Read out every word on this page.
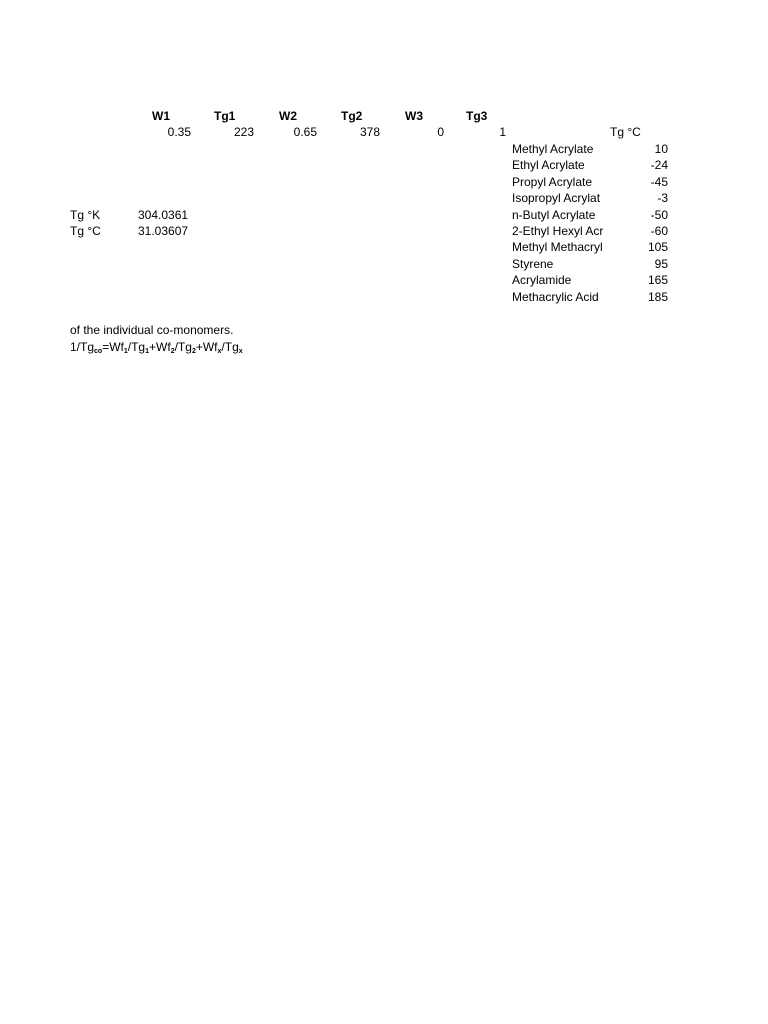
W1	Tg1	W2	Tg2	W3	Tg3
0.35	223	0.65	378	0	1	Tg °C
Methyl Acrylate	10
Ethyl Acrylate	-24
Propyl Acrylate	-45
Isopropyl Acrylat	-3
n-Butyl Acrylate	-50
2-Ethyl Hexyl Acr	-60
Methyl Methacryl	105
Styrene	95
Acrylamide	165
Methacrylic Acid	185
Tg °K	304.0361
Tg °C	31.03607
of the individual co-monomers.
$1/Tg_{co}=Wf_1/Tg_1+Wf_2/Tg_2+Wf_x/Tg_x$
